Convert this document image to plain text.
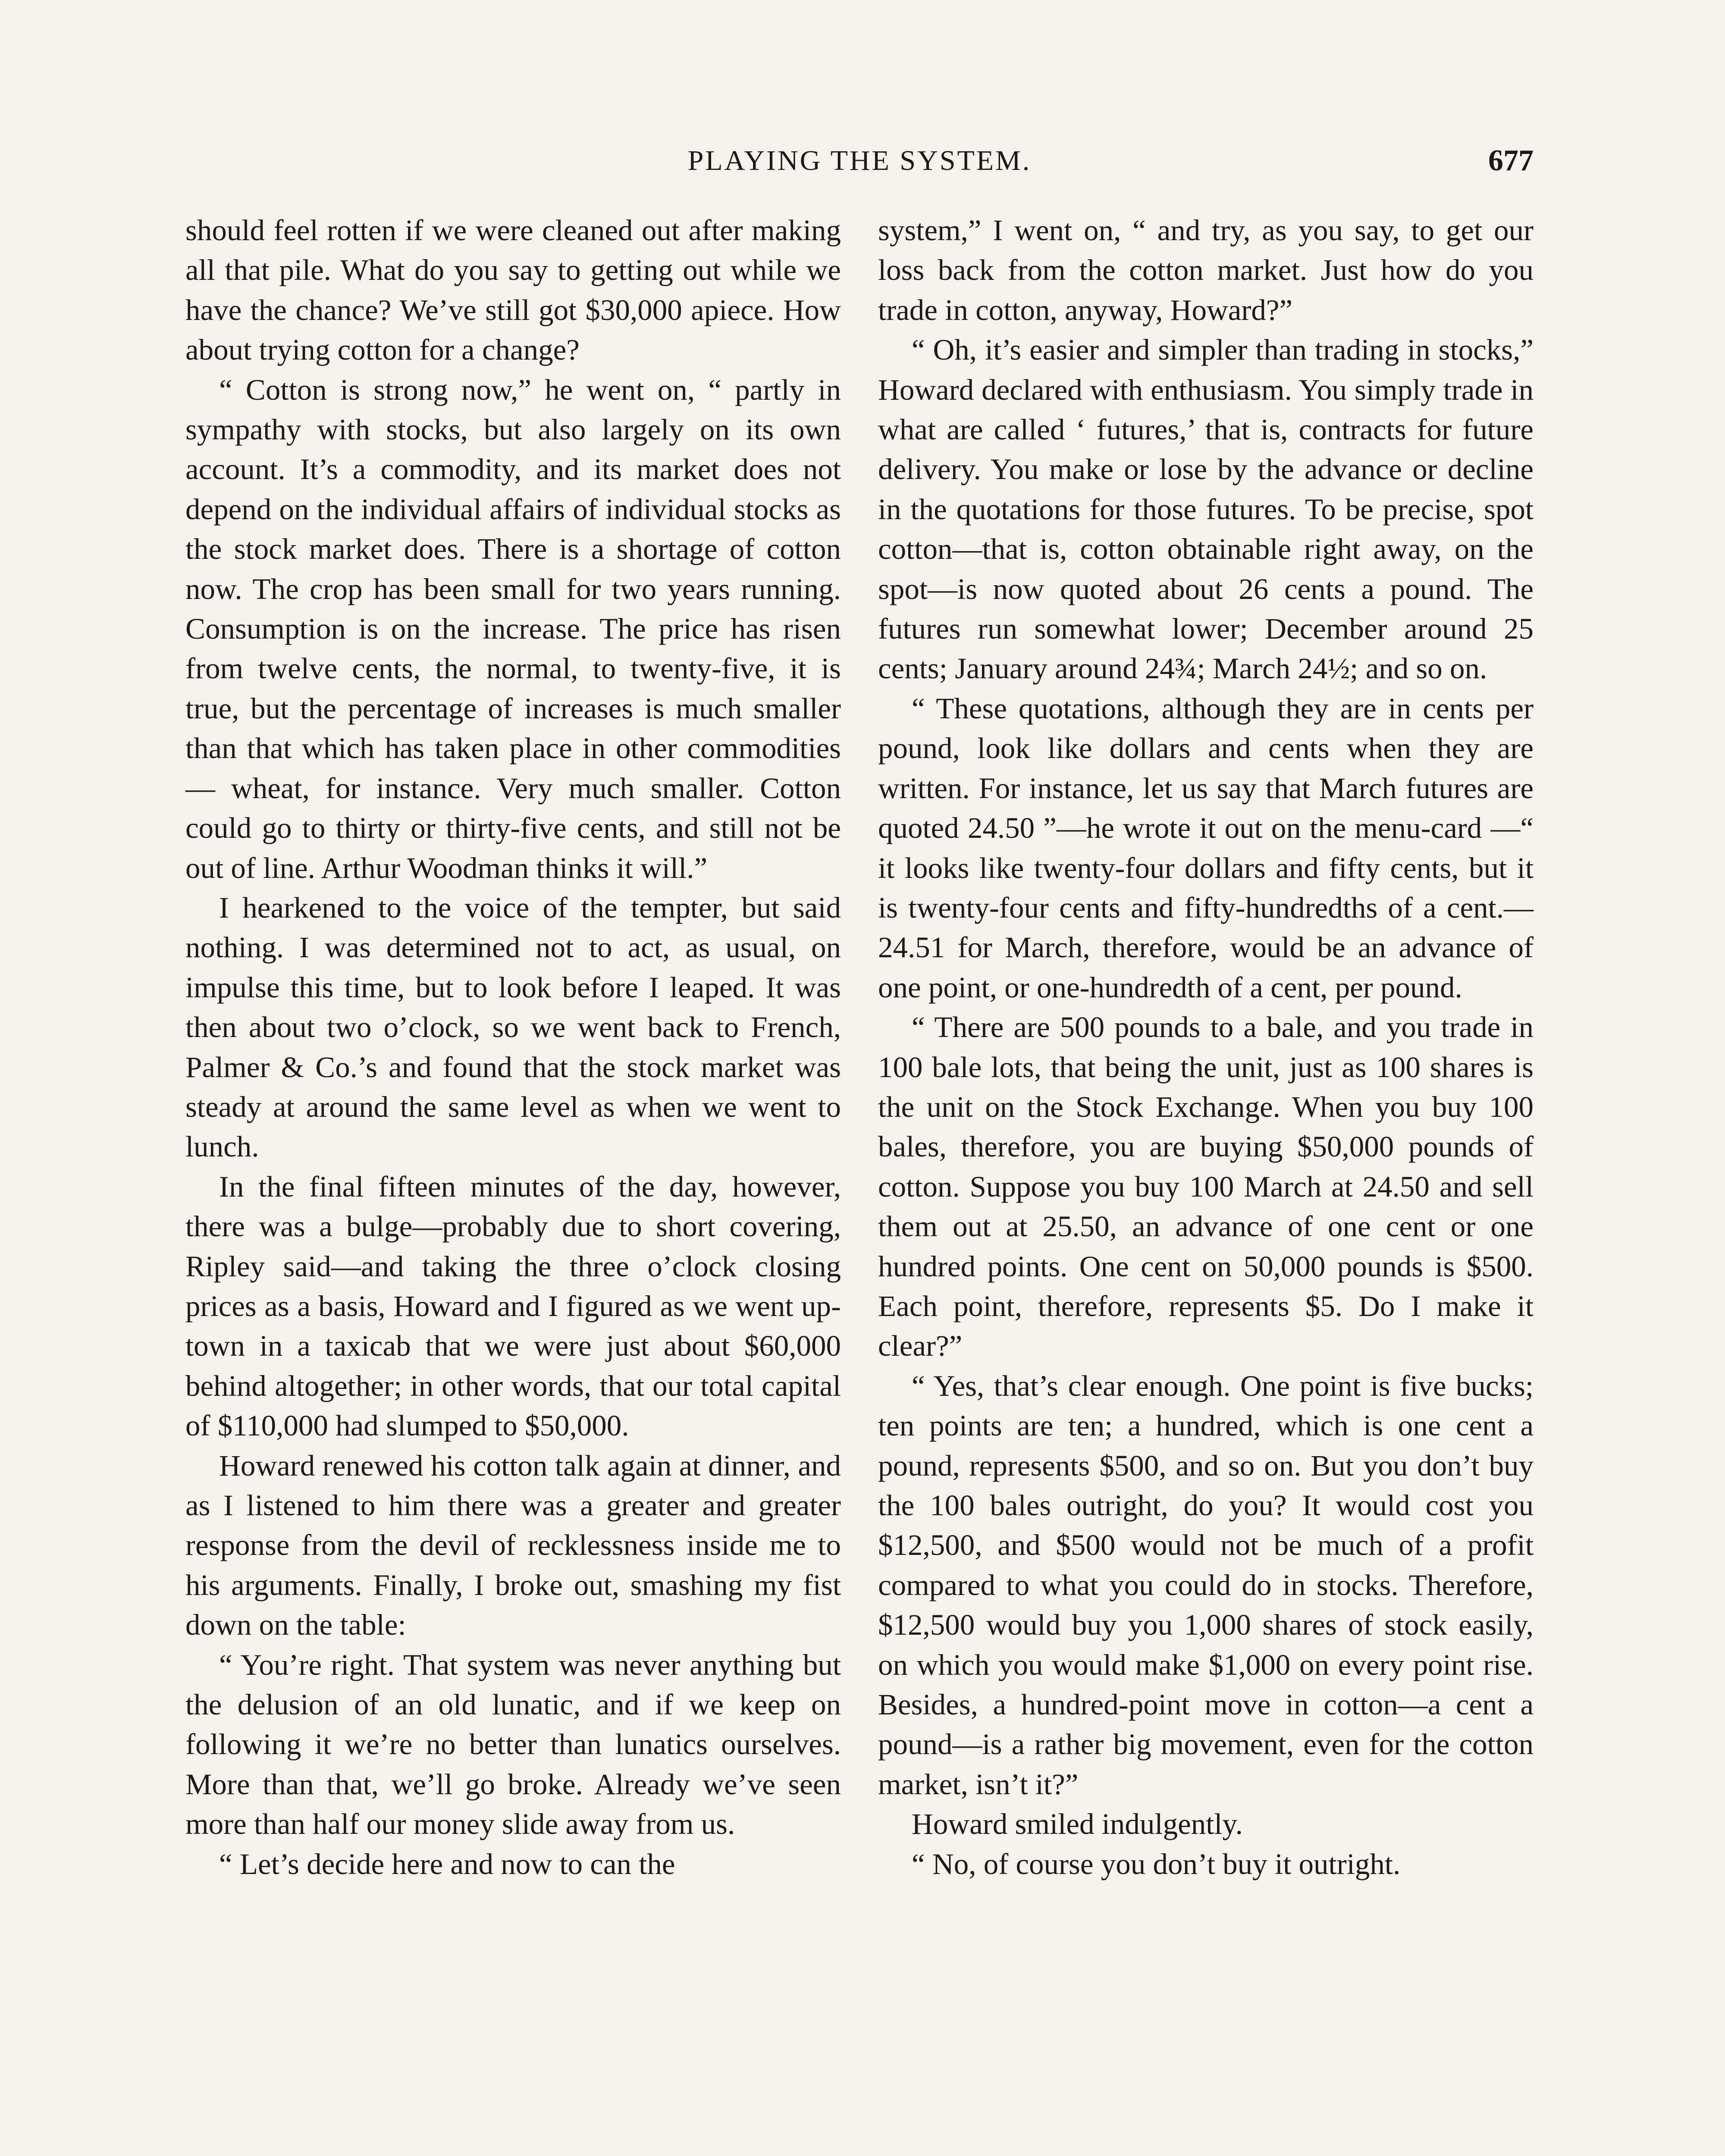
PLAYING THE SYSTEM.	677

should feel rotten if we were cleaned out after making all that pile. What do you say to getting out while we have the chance? We’ve still got $30,000 apiece. How about trying cotton for a change?

“ Cotton is strong now,” he went on, “ partly in sympathy with stocks, but also largely on its own account. It’s a commodity, and its market does not depend on the individual affairs of individual stocks as the stock market does. There is a shortage of cotton now. The crop has been small for two years running. Consumption is on the increase. The price has risen from twelve cents, the normal, to twenty-five, it is true, but the percentage of increases is much smaller than that which has taken place in other commodities — wheat, for instance. Very much smaller. Cotton could go to thirty or thirty-five cents, and still not be out of line. Arthur Woodman thinks it will.”

I hearkened to the voice of the tempter, but said nothing. I was determined not to act, as usual, on impulse this time, but to look before I leaped. It was then about two o’clock, so we went back to French, Palmer & Co.’s and found that the stock market was steady at around the same level as when we went to lunch.

In the final fifteen minutes of the day, however, there was a bulge—probably due to short covering, Ripley said—and taking the three o’clock closing prices as a basis, Howard and I figured as we went up-town in a taxicab that we were just about $60,000 behind altogether; in other words, that our total capital of $110,000 had slumped to $50,000.

Howard renewed his cotton talk again at dinner, and as I listened to him there was a greater and greater response from the devil of recklessness inside me to his arguments. Finally, I broke out, smashing my fist down on the table:

“ You’re right. That system was never anything but the delusion of an old lunatic, and if we keep on following it we’re no better than lunatics ourselves. More than that, we’ll go broke. Already we’ve seen more than half our money slide away from us.

“ Let’s decide here and now to can the

system,” I went on, “ and try, as you say, to get our loss back from the cotton market. Just how do you trade in cotton, anyway, Howard?”

“ Oh, it’s easier and simpler than trading in stocks,” Howard declared with enthusiasm. You simply trade in what are called ‘ futures,’ that is, contracts for future delivery. You make or lose by the advance or decline in the quotations for those futures. To be precise, spot cotton—that is, cotton obtainable right away, on the spot—is now quoted about 26 cents a pound. The futures run somewhat lower; December around 25 cents; January around 24¾; March 24½; and so on.

“ These quotations, although they are in cents per pound, look like dollars and cents when they are written. For instance, let us say that March futures are quoted 24.50 ”—he wrote it out on the menu-card —“ it looks like twenty-four dollars and fifty cents, but it is twenty-four cents and fifty-hundredths of a cent.—24.51 for March, therefore, would be an advance of one point, or one-hundredth of a cent, per pound.

“ There are 500 pounds to a bale, and you trade in 100 bale lots, that being the unit, just as 100 shares is the unit on the Stock Exchange. When you buy 100 bales, therefore, you are buying $50,000 pounds of cotton. Suppose you buy 100 March at 24.50 and sell them out at 25.50, an advance of one cent or one hundred points. One cent on 50,000 pounds is $500. Each point, therefore, represents $5. Do I make it clear?”

“ Yes, that’s clear enough. One point is five bucks; ten points are ten; a hundred, which is one cent a pound, represents $500, and so on. But you don’t buy the 100 bales outright, do you? It would cost you $12,500, and $500 would not be much of a profit compared to what you could do in stocks. Therefore, $12,500 would buy you 1,000 shares of stock easily, on which you would make $1,000 on every point rise. Besides, a hundred-point move in cotton—a cent a pound—is a rather big movement, even for the cotton market, isn’t it?”

Howard smiled indulgently.

“ No, of course you don’t buy it outright.
